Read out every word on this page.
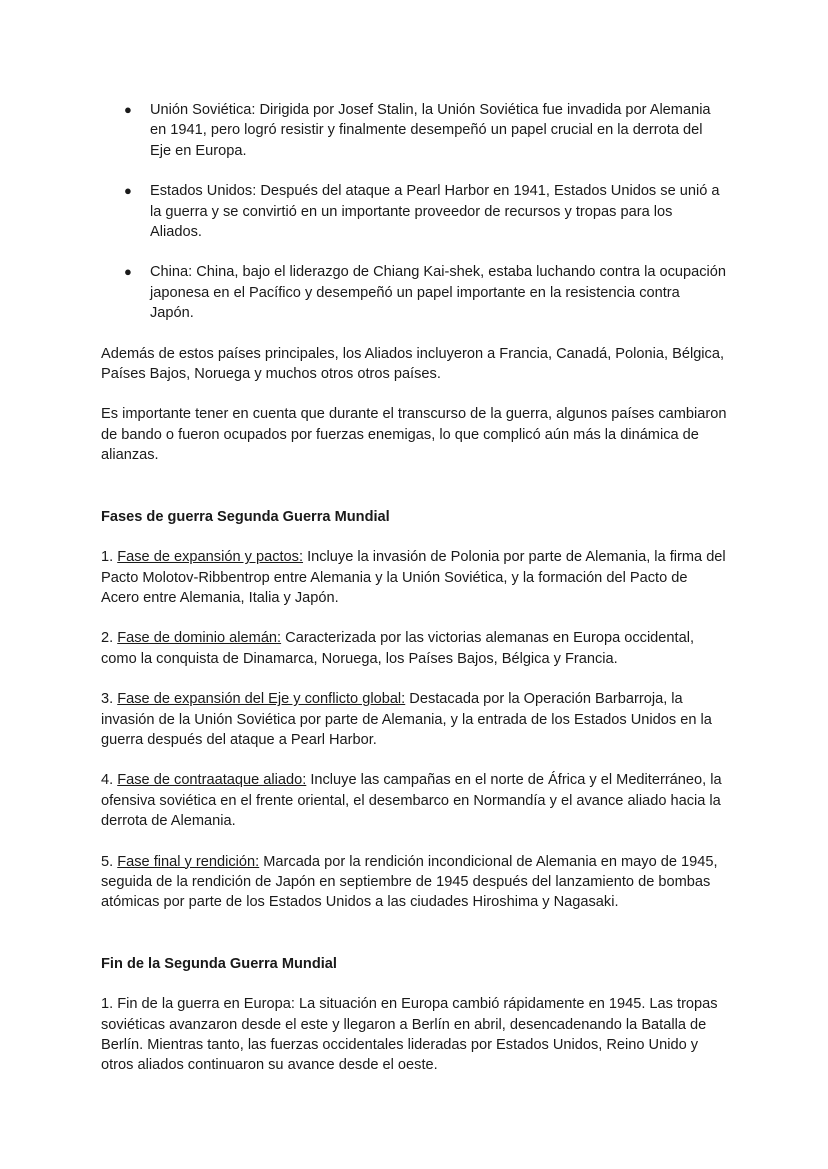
● Unión Soviética: Dirigida por Josef Stalin, la Unión Soviética fue invadida por Alemania en 1941, pero logró resistir y finalmente desempeñó un papel crucial en la derrota del Eje en Europa.
● Estados Unidos: Después del ataque a Pearl Harbor en 1941, Estados Unidos se unió a la guerra y se convirtió en un importante proveedor de recursos y tropas para los Aliados.
● China: China, bajo el liderazgo de Chiang Kai-shek, estaba luchando contra la ocupación japonesa en el Pacífico y desempeñó un papel importante en la resistencia contra Japón.

Además de estos países principales, los Aliados incluyeron a Francia, Canadá, Polonia, Bélgica, Países Bajos, Noruega y muchos otros otros países.

Es importante tener en cuenta que durante el transcurso de la guerra, algunos países cambiaron de bando o fueron ocupados por fuerzas enemigas, lo que complicó aún más la dinámica de alianzas.

Fases de guerra Segunda Guerra Mundial

1. Fase de expansión y pactos: Incluye la invasión de Polonia por parte de Alemania, la firma del Pacto Molotov-Ribbentrop entre Alemania y la Unión Soviética, y la formación del Pacto de Acero entre Alemania, Italia y Japón.

2. Fase de dominio alemán: Caracterizada por las victorias alemanas en Europa occidental, como la conquista de Dinamarca, Noruega, los Países Bajos, Bélgica y Francia.

3. Fase de expansión del Eje y conflicto global: Destacada por la Operación Barbarroja, la invasión de la Unión Soviética por parte de Alemania, y la entrada de los Estados Unidos en la guerra después del ataque a Pearl Harbor.

4. Fase de contraataque aliado: Incluye las campañas en el norte de África y el Mediterráneo, la ofensiva soviética en el frente oriental, el desembarco en Normandía y el avance aliado hacia la derrota de Alemania.

5. Fase final y rendición: Marcada por la rendición incondicional de Alemania en mayo de 1945, seguida de la rendición de Japón en septiembre de 1945 después del lanzamiento de bombas atómicas por parte de los Estados Unidos a las ciudades Hiroshima y Nagasaki.

Fin de la Segunda Guerra Mundial

1. Fin de la guerra en Europa: La situación en Europa cambió rápidamente en 1945. Las tropas soviéticas avanzaron desde el este y llegaron a Berlín en abril, desencadenando la Batalla de Berlín. Mientras tanto, las fuerzas occidentales lideradas por Estados Unidos, Reino Unido y otros aliados continuaron su avance desde el oeste.
